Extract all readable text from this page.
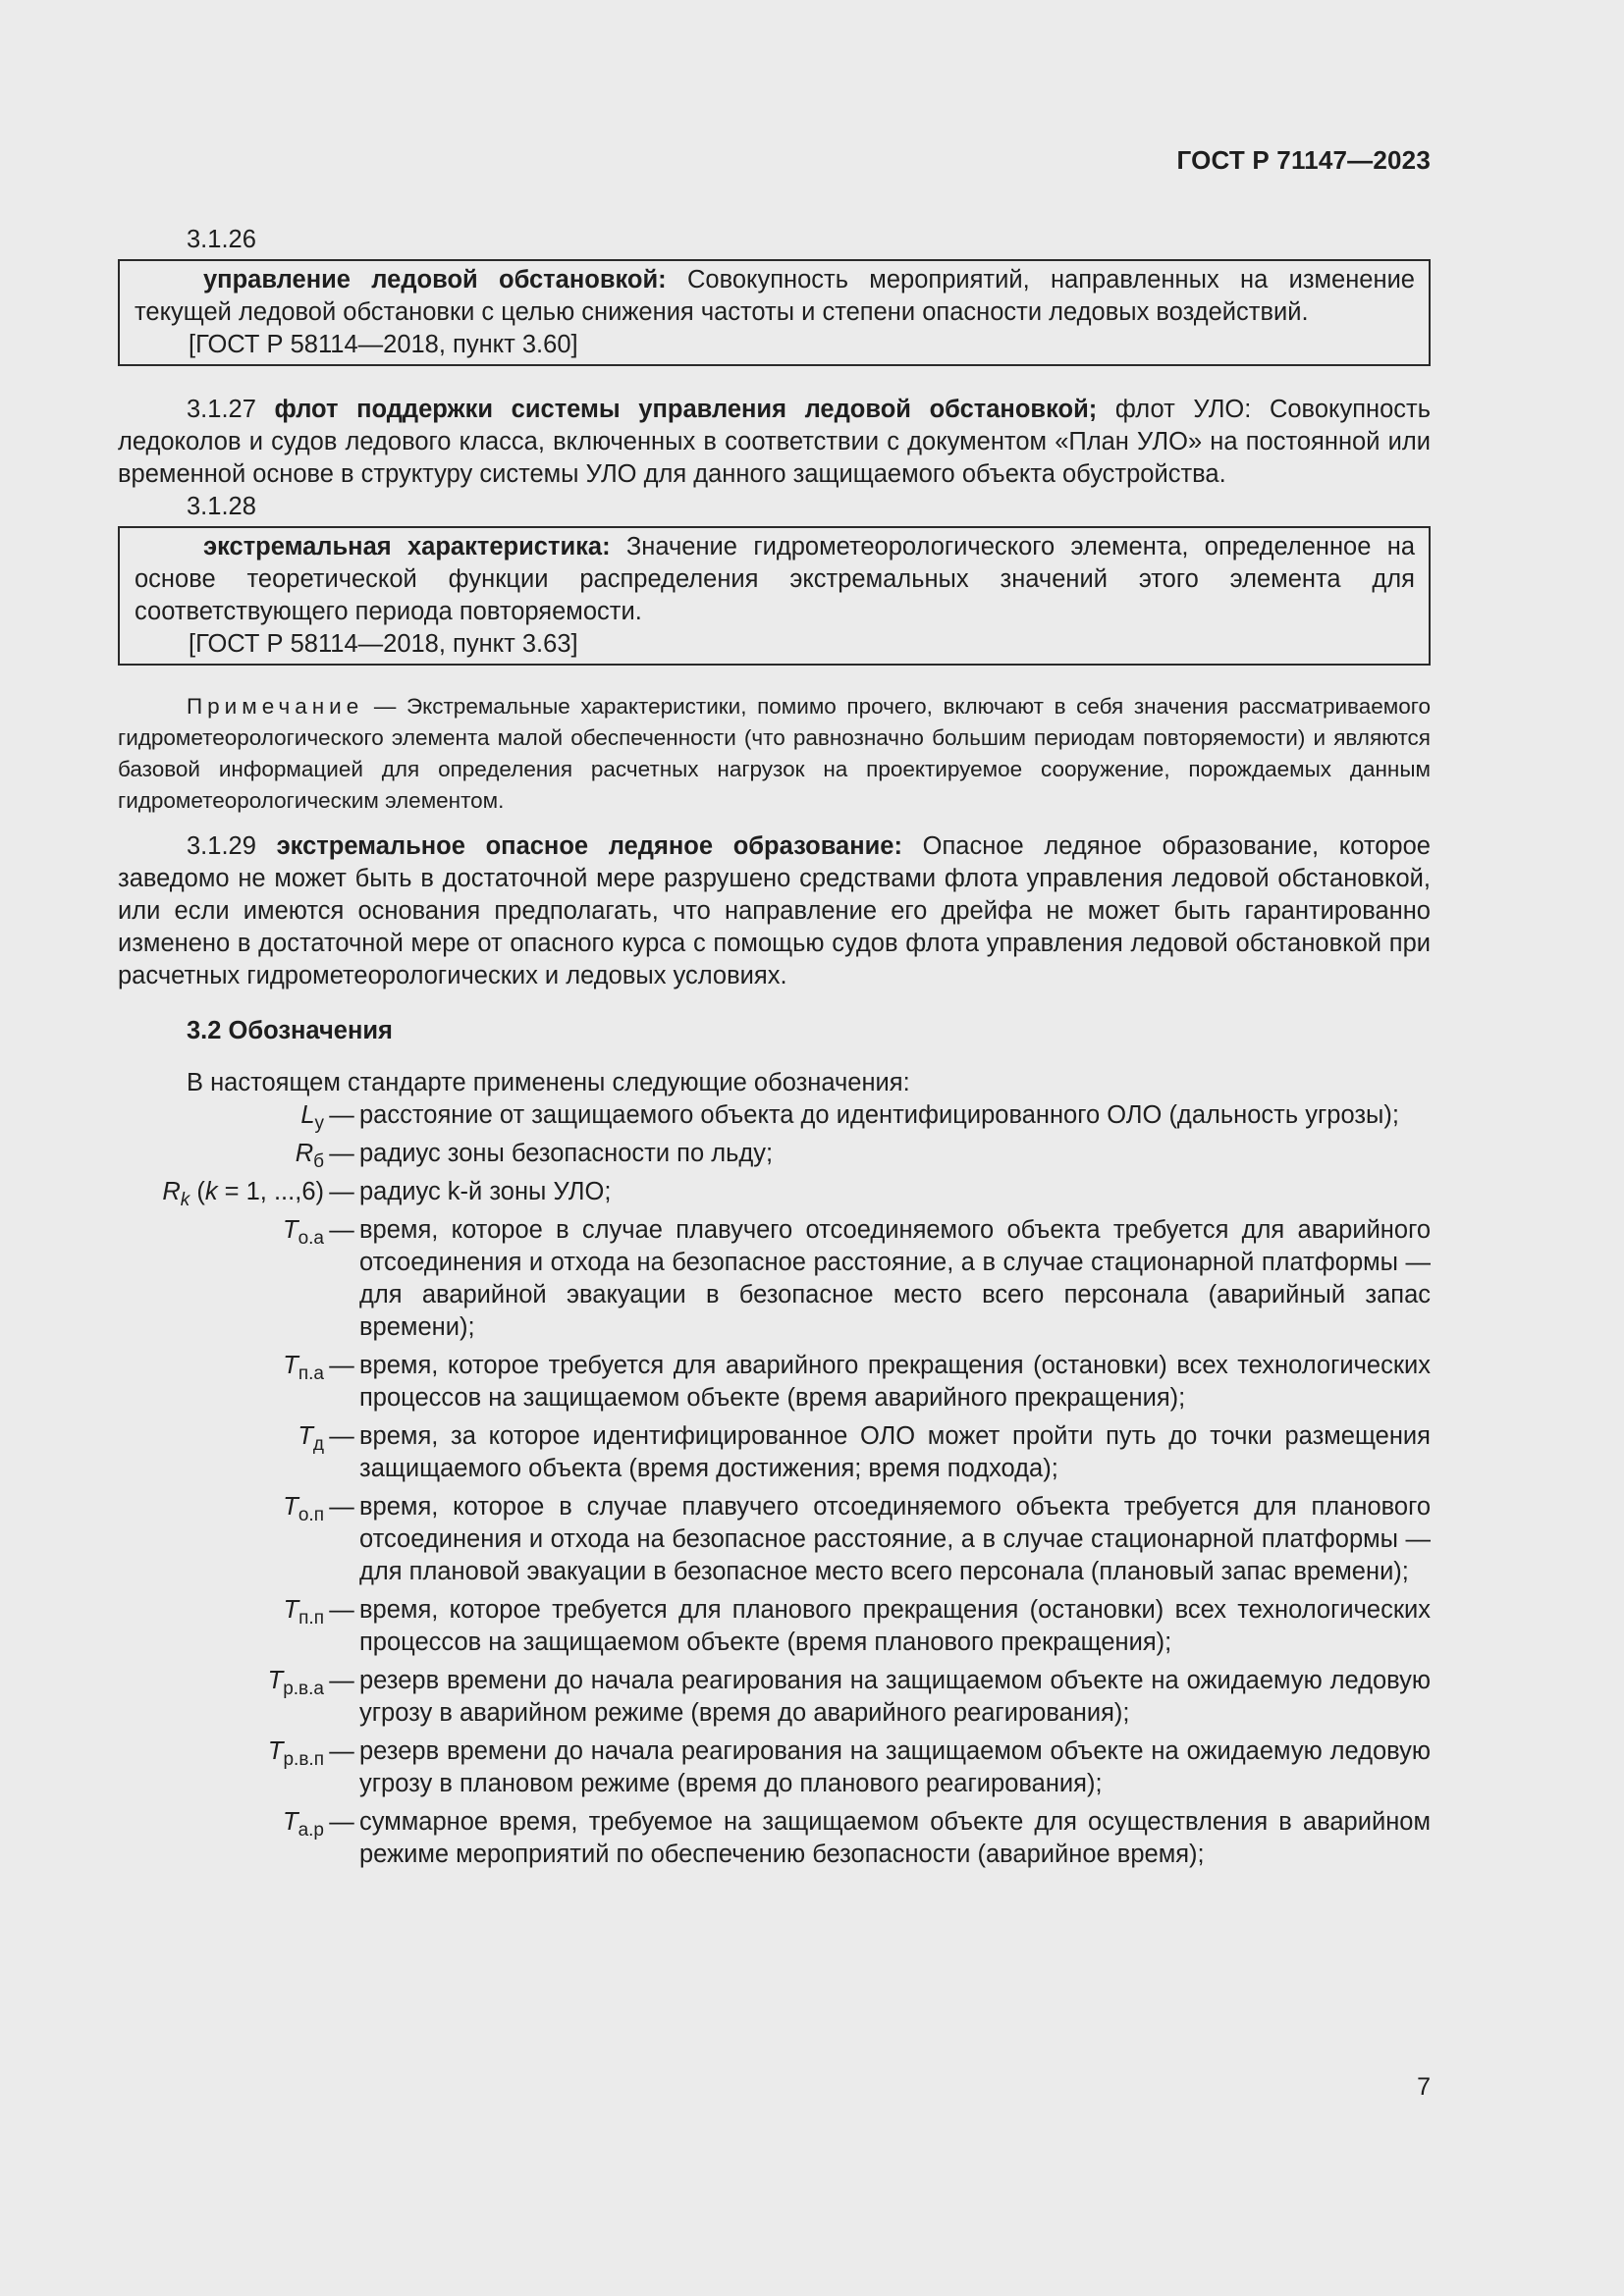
ГОСТ Р 71147—2023

3.1.26

управление ледовой обстановкой: Совокупность мероприятий, направленных на изменение текущей ледовой обстановки с целью снижения частоты и степени опасности ледовых воздействий.

[ГОСТ Р 58114—2018, пункт 3.60]

3.1.27 флот поддержки системы управления ледовой обстановкой; флот УЛО: Совокупность ледоколов и судов ледового класса, включенных в соответствии с документом «План УЛО» на постоянной или временной основе в структуру системы УЛО для данного защищаемого объекта обустройства.

3.1.28

экстремальная характеристика: Значение гидрометеорологического элемента, определенное на основе теоретической функции распределения экстремальных значений этого элемента для соответствующего периода повторяемости.

[ГОСТ Р 58114—2018, пункт 3.63]

Примечание — Экстремальные характеристики, помимо прочего, включают в себя значения рассматриваемого гидрометеорологического элемента малой обеспеченности (что равнозначно большим периодам повторяемости) и являются базовой информацией для определения расчетных нагрузок на проектируемое сооружение, порождаемых данным гидрометеорологическим элементом.

3.1.29 экстремальное опасное ледяное образование: Опасное ледяное образование, которое заведомо не может быть в достаточной мере разрушено средствами флота управления ледовой обстановкой, или если имеются основания предполагать, что направление его дрейфа не может быть гарантированно изменено в достаточной мере от опасного курса с помощью судов флота управления ледовой обстановкой при расчетных гидрометеорологических и ледовых условиях.

3.2 Обозначения

В настоящем стандарте применены следующие обозначения:

$L_у$ — расстояние от защищаемого объекта до идентифицированного ОЛО (дальность угрозы);
$R_б$ — радиус зоны безопасности по льду;
$R_k$ (k = 1, ...,6) — радиус k-й зоны УЛО;
$T_{о.а}$ — время, которое в случае плавучего отсоединяемого объекта требуется для аварийного отсоединения и отхода на безопасное расстояние, а в случае стационарной платформы — для аварийной эвакуации в безопасное место всего персонала (аварийный запас времени);
$T_{п.а}$ — время, которое требуется для аварийного прекращения (остановки) всех технологических процессов на защищаемом объекте (время аварийного прекращения);
$T_д$ — время, за которое идентифицированное ОЛО может пройти путь до точки размещения защищаемого объекта (время достижения; время подхода);
$T_{о.п}$ — время, которое в случае плавучего отсоединяемого объекта требуется для планового отсоединения и отхода на безопасное расстояние, а в случае стационарной платформы — для плановой эвакуации в безопасное место всего персонала (плановый запас времени);
$T_{п.п}$ — время, которое требуется для планового прекращения (остановки) всех технологических процессов на защищаемом объекте (время планового прекращения);
$T_{р.в.а}$ — резерв времени до начала реагирования на защищаемом объекте на ожидаемую ледовую угрозу в аварийном режиме (время до аварийного реагирования);
$T_{р.в.п}$ — резерв времени до начала реагирования на защищаемом объекте на ожидаемую ледовую угрозу в плановом режиме (время до планового реагирования);
$T_{а.р}$ — суммарное время, требуемое на защищаемом объекте для осуществления в аварийном режиме мероприятий по обеспечению безопасности (аварийное время);
7
